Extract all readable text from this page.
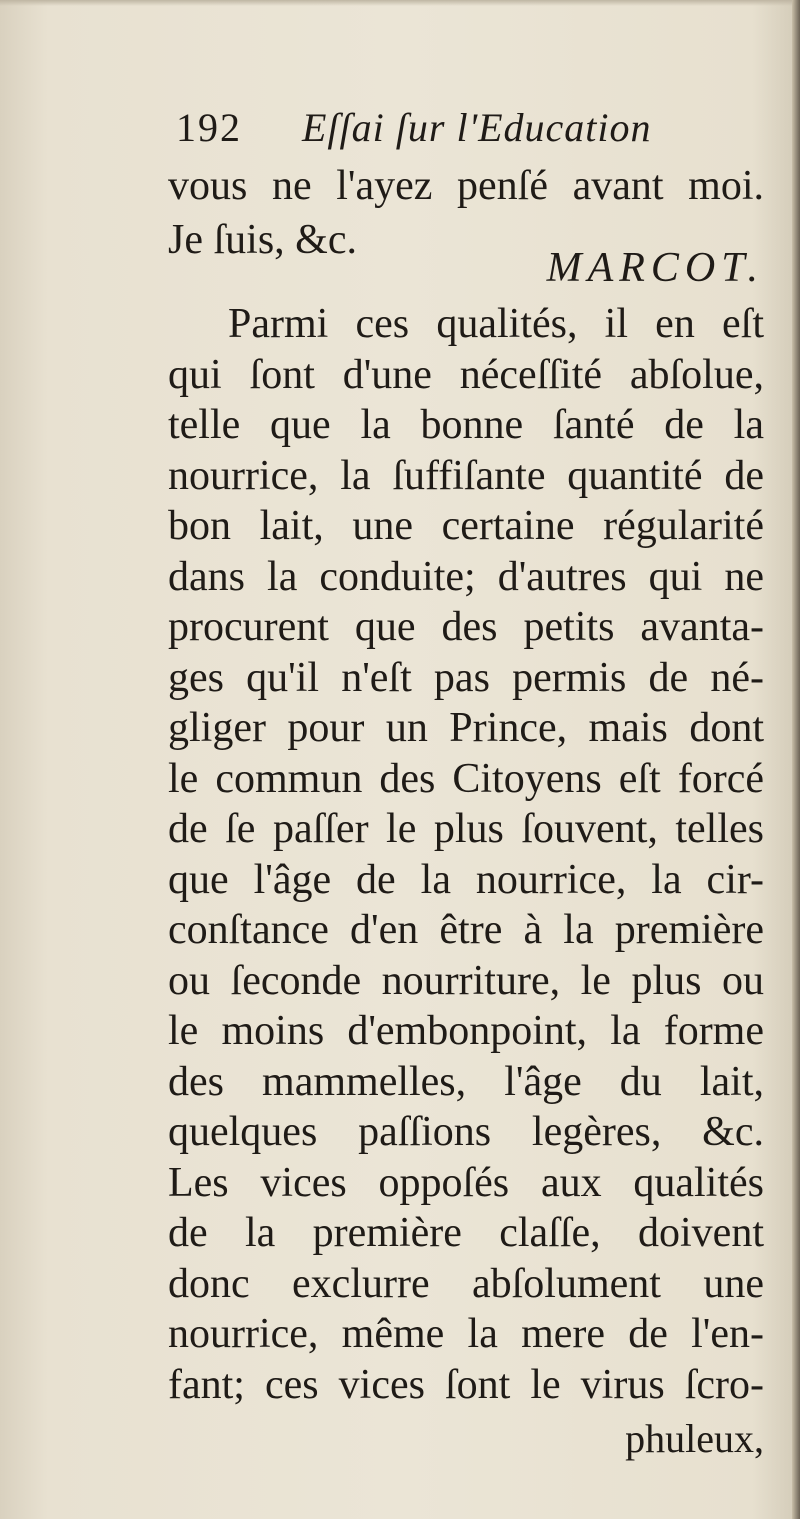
192 Eſſai ſur l'Education
vous ne l'ayez penſé avant moi.
Je ſuis, &c.
MARCOT.
Parmi ces qualités, il en eſt
qui ſont d'une néceſſité abſolue,
telle que la bonne ſanté de la
nourrice, la ſuffiſante quantité de
bon lait, une certaine régularité
dans la conduite; d'autres qui ne
procurent que des petits avanta-
ges qu'il n'eſt pas permis de né-
gliger pour un Prince, mais dont
le commun des Citoyens eſt forcé
de ſe paſſer le plus ſouvent, telles
que l'âge de la nourrice, la cir-
conſtance d'en être à la première
ou ſeconde nourriture, le plus ou
le moins d'embonpoint, la forme
des mammelles, l'âge du lait,
quelques paſſions legères, &c.
Les vices oppoſés aux qualités
de la première claſſe, doivent
donc exclurre abſolument une
nourrice, même la mere de l'en-
phuleux,
fant; ces vices ſont le virus ſcro-
